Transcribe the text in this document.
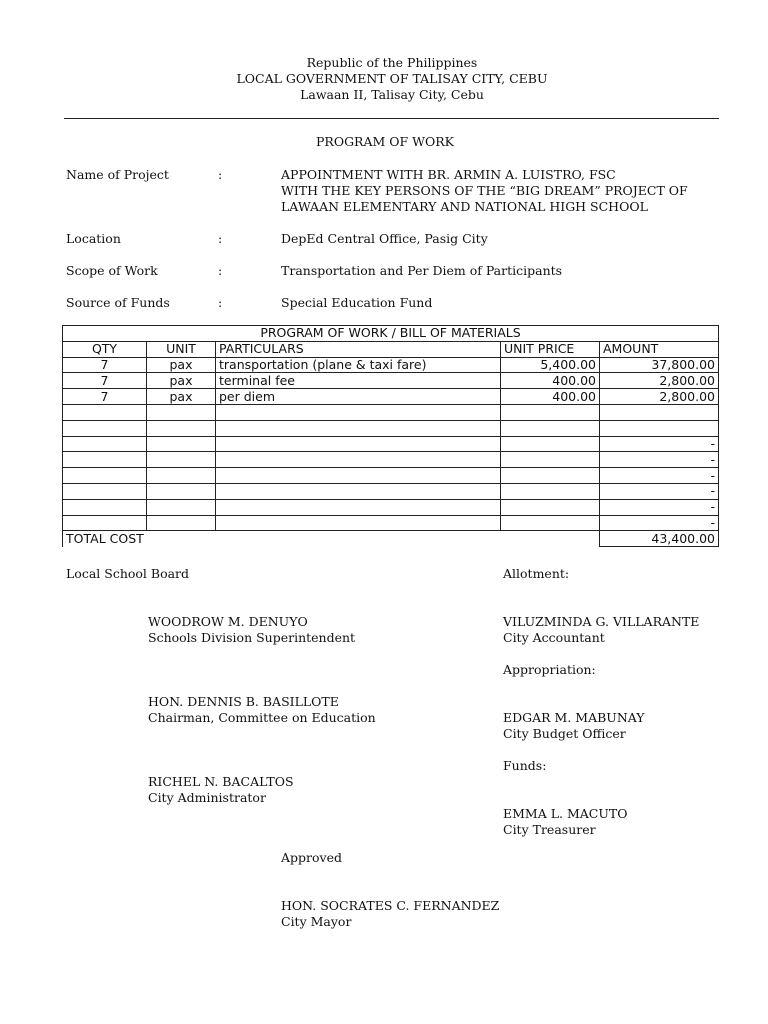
Republic of the Philippines
LOCAL GOVERNMENT OF TALISAY CITY, CEBU
Lawaan II, Talisay City, Cebu
PROGRAM OF WORK
Name of Project	:	APPOINTMENT WITH BR. ARMIN A. LUISTRO, FSC
WITH THE KEY PERSONS OF THE “BIG DREAM” PROJECT OF
LAWAAN ELEMENTARY AND NATIONAL HIGH SCHOOL
Location	:	DepEd Central Office, Pasig City
Scope of Work	:	Transportation and Per Diem of Participants
Source of Funds	:	Special Education Fund
PROGRAM OF WORK / BILL OF MATERIALS				
QTY	UNIT	PARTICULARS	UNIT PRICE	AMOUNT
7	pax	transportation (plane & taxi fare)	5,400.00	37,800.00
7	pax	terminal fee	400.00	2,800.00
7	pax	per diem	400.00	2,800.00

				-
				-
				-
				-
				-
				-
TOTAL COST				43,400.00
Local School Board
WOODROW M. DENUYO
Schools Division Superintendent
HON. DENNIS B. BASILLOTE
Chairman, Committee on Education
RICHEL N. BACALTOS
City Administrator
Allotment:
VILUZMINDA G. VILLARANTE
City Accountant
Appropriation:
EDGAR M. MABUNAY
City Budget Officer
Funds:
EMMA L. MACUTO
City Treasurer
Approved
HON. SOCRATES C. FERNANDEZ
City Mayor
